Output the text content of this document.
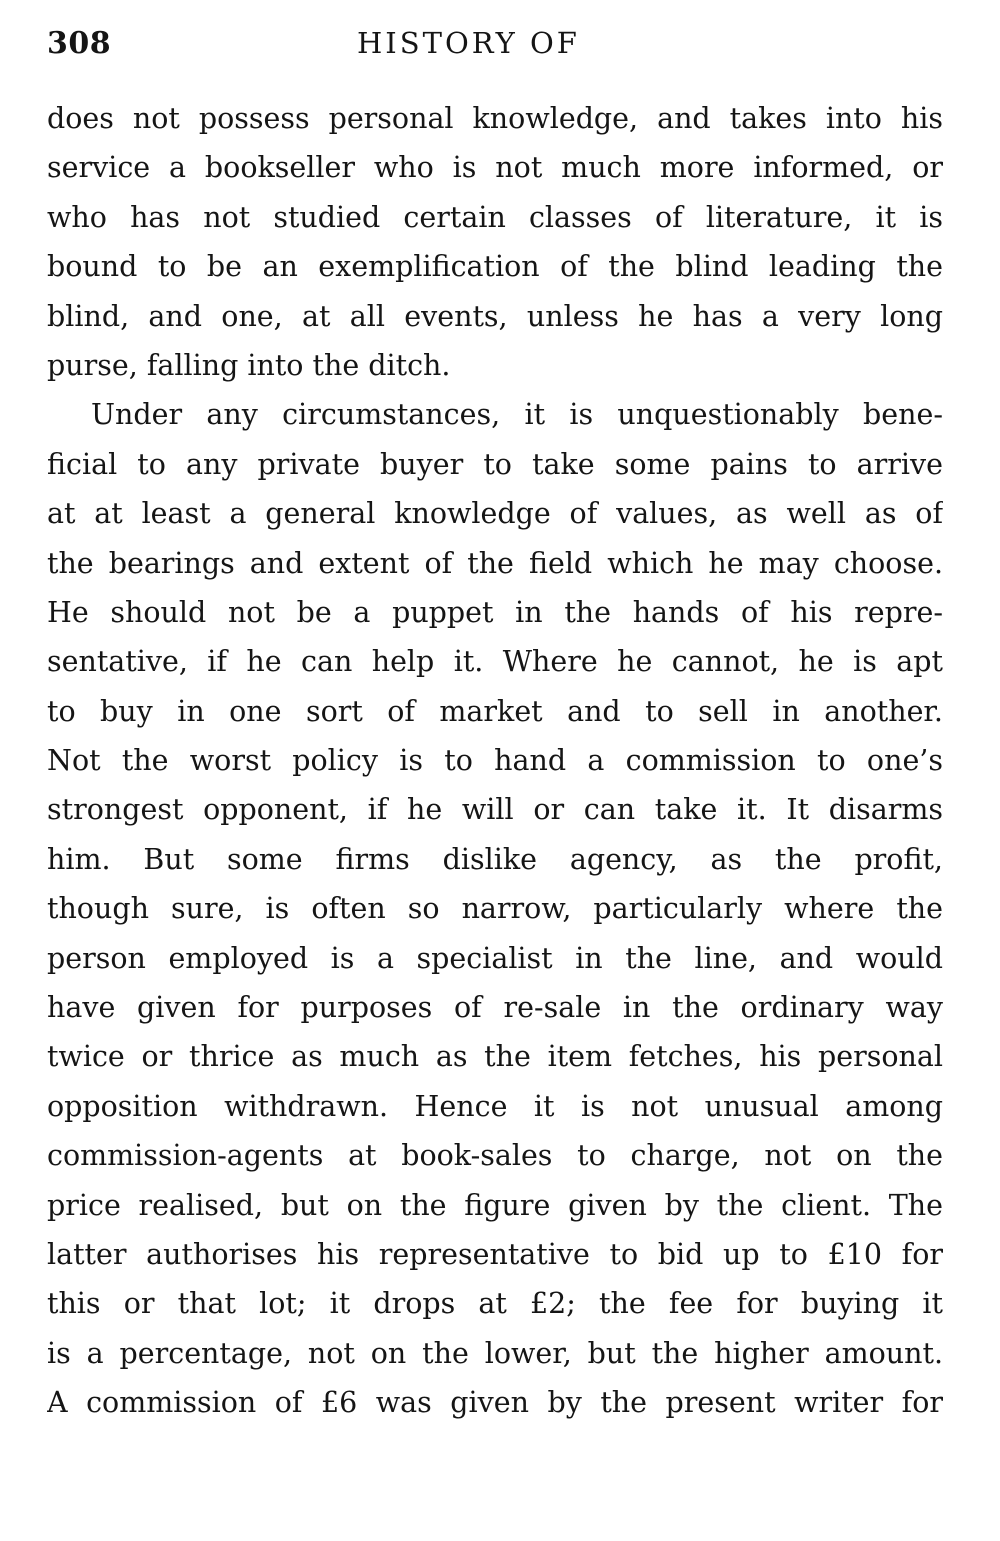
308	HISTORY OF
does not possess personal knowledge, and takes into his
service a bookseller who is not much more informed, or
who has not studied certain classes of literature, it is
bound to be an exemplification of the blind leading the
blind, and one, at all events, unless he has a very long
purse, falling into the ditch.
Under any circumstances, it is unquestionably bene-
ficial to any private buyer to take some pains to arrive
at at least a general knowledge of values, as well as of
the bearings and extent of the field which he may choose.
He should not be a puppet in the hands of his repre-
sentative, if he can help it. Where he cannot, he is apt
to buy in one sort of market and to sell in another.
Not the worst policy is to hand a commission to one’s
strongest opponent, if he will or can take it. It disarms
him. But some firms dislike agency, as the profit,
though sure, is often so narrow, particularly where the
person employed is a specialist in the line, and would
have given for purposes of re-sale in the ordinary way
twice or thrice as much as the item fetches, his personal
opposition withdrawn. Hence it is not unusual among
commission-agents at book-sales to charge, not on the
price realised, but on the figure given by the client. The
latter authorises his representative to bid up to £10 for
this or that lot; it drops at £2; the fee for buying it
is a percentage, not on the lower, but the higher amount.
A commission of £6 was given by the present writer for
